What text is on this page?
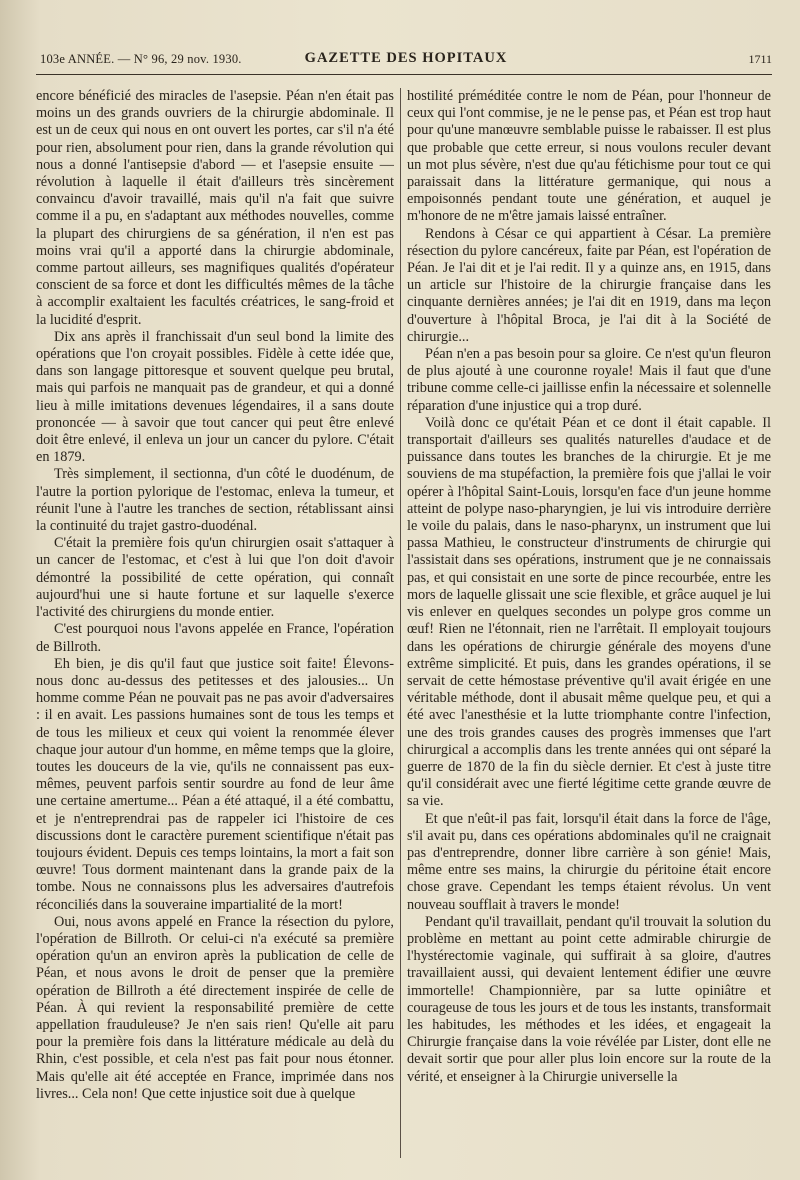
103e ANNÉE. — N° 96, 29 nov. 1930.	GAZETTE DES HOPITAUX	1711

encore bénéficié des miracles de l'asepsie. Péan n'en était pas moins un des grands ouvriers de la chirurgie abdominale. Il est un de ceux qui nous en ont ouvert les portes, car s'il n'a été pour rien, absolument pour rien, dans la grande révolution qui nous a donné l'antisepsie d'abord — et l'asepsie ensuite — révolution à laquelle il était d'ailleurs très sincèrement convaincu d'avoir travaillé, mais qu'il n'a fait que suivre comme il a pu, en s'adaptant aux méthodes nouvelles, comme la plupart des chirurgiens de sa génération, il n'en est pas moins vrai qu'il a apporté dans la chirurgie abdominale, comme partout ailleurs, ses magnifiques qualités d'opérateur conscient de sa force et dont les difficultés mêmes de la tâche à accomplir exaltaient les facultés créatrices, le sang-froid et la lucidité d'esprit.

Dix ans après il franchissait d'un seul bond la limite des opérations que l'on croyait possibles. Fidèle à cette idée que, dans son langage pittoresque et souvent quelque peu brutal, mais qui parfois ne manquait pas de grandeur, et qui a donné lieu à mille imitations devenues légendaires, il a sans doute prononcée — à savoir que tout cancer qui peut être enlevé doit être enlevé, il enleva un jour un cancer du pylore. C'était en 1879.

Très simplement, il sectionna, d'un côté le duodénum, de l'autre la portion pylorique de l'estomac, enleva la tumeur, et réunit l'une à l'autre les tranches de section, rétablissant ainsi la continuité du trajet gastro-duodénal.

C'était la première fois qu'un chirurgien osait s'attaquer à un cancer de l'estomac, et c'est à lui que l'on doit d'avoir démontré la possibilité de cette opération, qui connaît aujourd'hui une si haute fortune et sur laquelle s'exerce l'activité des chirurgiens du monde entier.

C'est pourquoi nous l'avons appelée en France, l'opération de Billroth.

Eh bien, je dis qu'il faut que justice soit faite! Élevons-nous donc au-dessus des petitesses et des jalousies... Un homme comme Péan ne pouvait pas ne pas avoir d'adversaires : il en avait. Les passions humaines sont de tous les temps et de tous les milieux et ceux qui voient la renommée élever chaque jour autour d'un homme, en même temps que la gloire, toutes les douceurs de la vie, qu'ils ne connaissent pas eux-mêmes, peuvent parfois sentir sourdre au fond de leur âme une certaine amertume... Péan a été attaqué, il a été combattu, et je n'entreprendrai pas de rappeler ici l'histoire de ces discussions dont le caractère purement scientifique n'était pas toujours évident. Depuis ces temps lointains, la mort a fait son œuvre! Tous dorment maintenant dans la grande paix de la tombe. Nous ne connaissons plus les adversaires d'autrefois réconciliés dans la souveraine impartialité de la mort!

Oui, nous avons appelé en France la résection du pylore, l'opération de Billroth. Or celui-ci n'a exécuté sa première opération qu'un an environ après la publication de celle de Péan, et nous avons le droit de penser que la première opération de Billroth a été directement inspirée de celle de Péan. À qui revient la responsabilité première de cette appellation frauduleuse? Je n'en sais rien! Qu'elle ait paru pour la première fois dans la littérature médicale au delà du Rhin, c'est possible, et cela n'est pas fait pour nous étonner. Mais qu'elle ait été acceptée en France, imprimée dans nos livres... Cela non! Que cette injustice soit due à quelque

hostilité préméditée contre le nom de Péan, pour l'honneur de ceux qui l'ont commise, je ne le pense pas, et Péan est trop haut pour qu'une manœuvre semblable puisse le rabaisser. Il est plus que probable que cette erreur, si nous voulons reculer devant un mot plus sévère, n'est due qu'au fétichisme pour tout ce qui paraissait dans la littérature germanique, qui nous a empoisonnés pendant toute une génération, et auquel je m'honore de ne m'être jamais laissé entraîner.

Rendons à César ce qui appartient à César. La première résection du pylore cancéreux, faite par Péan, est l'opération de Péan. Je l'ai dit et je l'ai redit. Il y a quinze ans, en 1915, dans un article sur l'histoire de la chirurgie française dans les cinquante dernières années; je l'ai dit en 1919, dans ma leçon d'ouverture à l'hôpital Broca, je l'ai dit à la Société de chirurgie...

Péan n'en a pas besoin pour sa gloire. Ce n'est qu'un fleuron de plus ajouté à une couronne royale! Mais il faut que d'une tribune comme celle-ci jaillisse enfin la nécessaire et solennelle réparation d'une injustice qui a trop duré.

Voilà donc ce qu'était Péan et ce dont il était capable. Il transportait d'ailleurs ses qualités naturelles d'audace et de puissance dans toutes les branches de la chirurgie. Et je me souviens de ma stupéfaction, la première fois que j'allai le voir opérer à l'hôpital Saint-Louis, lorsqu'en face d'un jeune homme atteint de polype naso-pharyngien, je lui vis introduire derrière le voile du palais, dans le naso-pharynx, un instrument que lui passa Mathieu, le constructeur d'instruments de chirurgie qui l'assistait dans ses opérations, instrument que je ne connaissais pas, et qui consistait en une sorte de pince recourbée, entre les mors de laquelle glissait une scie flexible, et grâce auquel je lui vis enlever en quelques secondes un polype gros comme un œuf! Rien ne l'étonnait, rien ne l'arrêtait. Il employait toujours dans les opérations de chirurgie générale des moyens d'une extrême simplicité. Et puis, dans les grandes opérations, il se servait de cette hémostase préventive qu'il avait érigée en une véritable méthode, dont il abusait même quelque peu, et qui a été avec l'anesthésie et la lutte triomphante contre l'infection, une des trois grandes causes des progrès immenses que l'art chirurgical a accomplis dans les trente années qui ont séparé la guerre de 1870 de la fin du siècle dernier. Et c'est à juste titre qu'il considérait avec une fierté légitime cette grande œuvre de sa vie.

Et que n'eût-il pas fait, lorsqu'il était dans la force de l'âge, s'il avait pu, dans ces opérations abdominales qu'il ne craignait pas d'entreprendre, donner libre carrière à son génie! Mais, même entre ses mains, la chirurgie du péritoine était encore chose grave. Cependant les temps étaient révolus. Un vent nouveau soufflait à travers le monde!

Pendant qu'il travaillait, pendant qu'il trouvait la solution du problème en mettant au point cette admirable chirurgie de l'hystérectomie vaginale, qui suffirait à sa gloire, d'autres travaillaient aussi, qui devaient lentement édifier une œuvre immortelle! Championnière, par sa lutte opiniâtre et courageuse de tous les jours et de tous les instants, transformait les habitudes, les méthodes et les idées, et engageait la Chirurgie française dans la voie révélée par Lister, dont elle ne devait sortir que pour aller plus loin encore sur la route de la vérité, et enseigner à la Chirurgie universelle la
